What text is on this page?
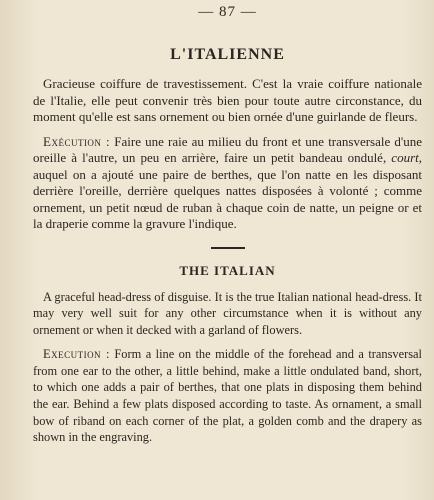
— 87 —
L'ITALIENNE

Gracieuse coiffure de travestissement. C'est la vraie coiffure nationale de l'Italie, elle peut convenir très bien pour toute autre circonstance, du moment qu'elle est sans ornement ou bien ornée d'une guirlande de fleurs.

Exécution : Faire une raie au milieu du front et une transversale d'une oreille à l'autre, un peu en arrière, faire un petit bandeau ondulé, court, auquel on a ajouté une paire de berthes, que l'on natte en les disposant derrière l'oreille, derrière quelques nattes disposées à volonté ; comme ornement, un petit nœud de ruban à chaque coin de natte, un peigne or et la draperie comme la gravure l'indique.

THE ITALIAN

A graceful head-dress of disguise. It is the true Italian national head-dress. It may very well suit for any other circumstance when it is without any ornement or when it decked with a garland of flowers.

Execution : Form a line on the middle of the forehead and a transversal from one ear to the other, a little behind, make a little ondulated band, short, to which one adds a pair of berthes, that one plats in disposing them behind the ear. Behind a few plats disposed according to taste. As ornament, a small bow of riband on each corner of the plat, a golden comb and the drapery as shown in the engraving.
